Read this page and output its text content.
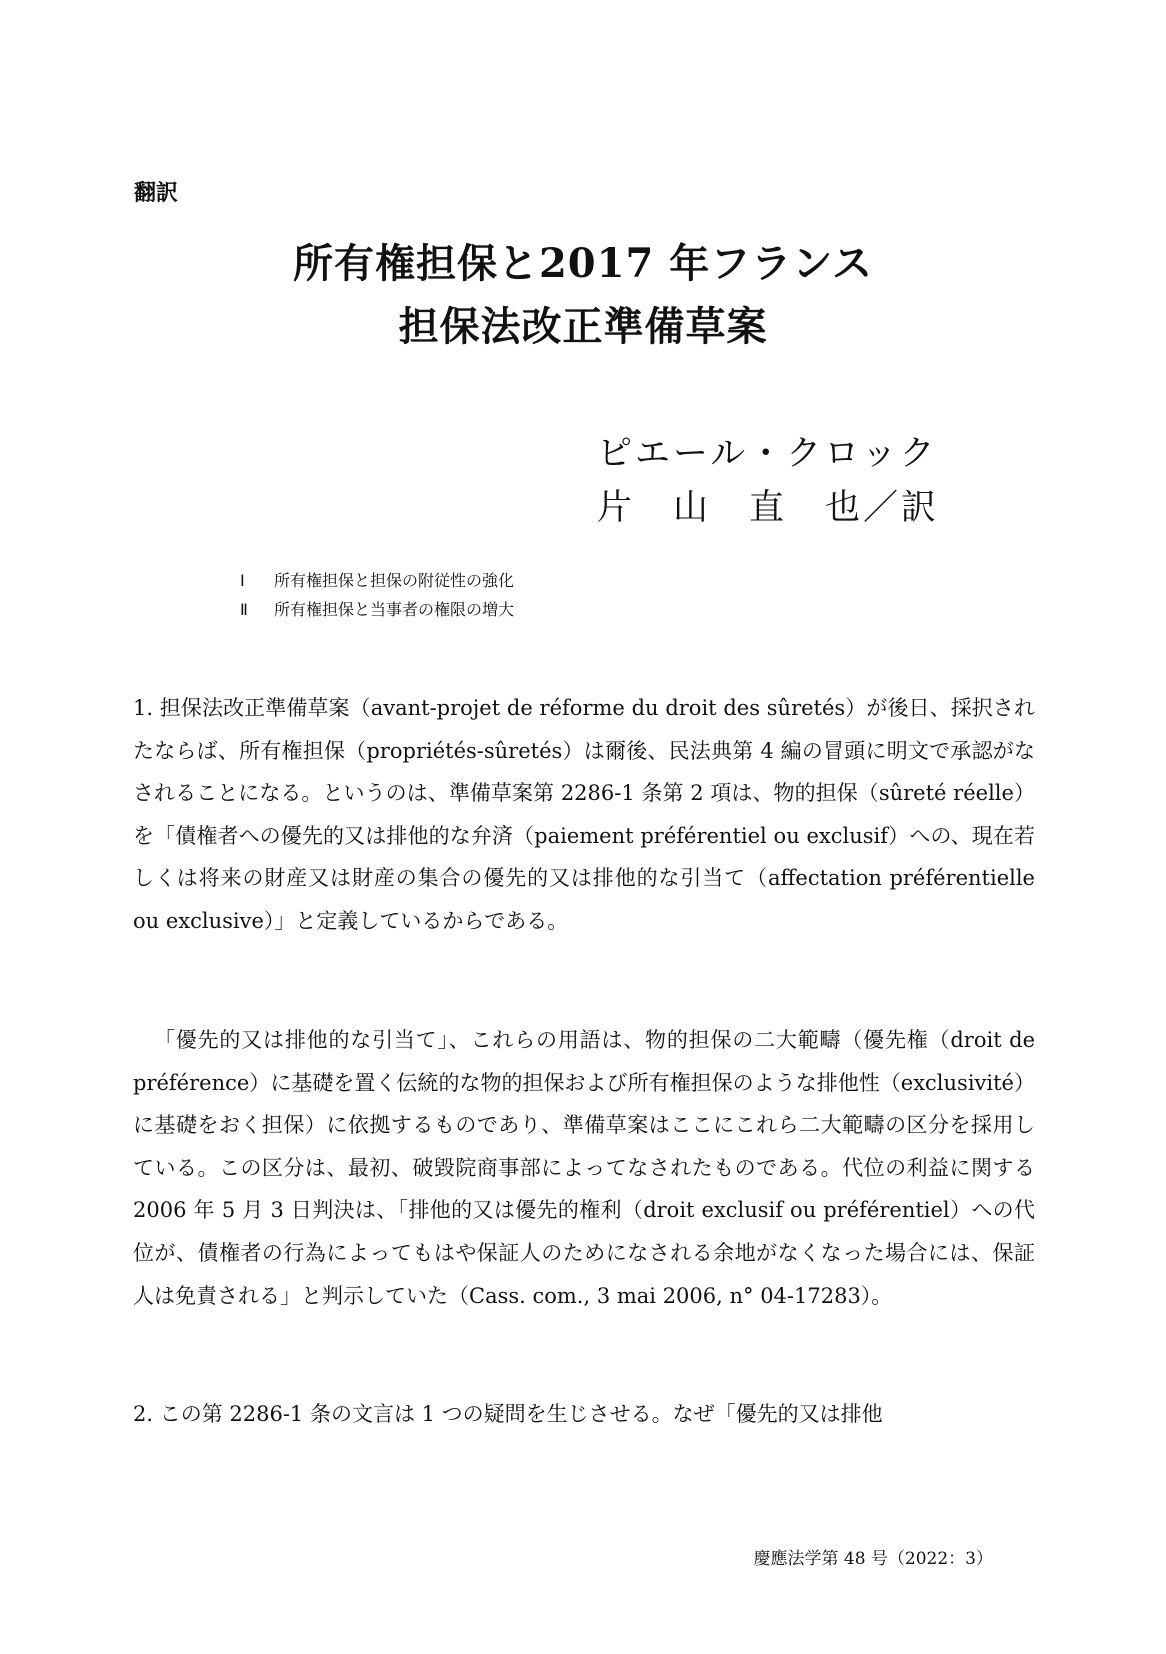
翻訳
所有権担保と2017 年フランス
担保法改正準備草案
ピエール・クロック
片　山　直　也／訳
Ⅰ 所有権担保と担保の附従性の強化
Ⅱ 所有権担保と当事者の権限の増大
1. 担保法改正準備草案（avant-projet de réforme du droit des sûretés）が後日、採択されたならば、所有権担保（propriétés-sûretés）は爾後、民法典第 4 編の冒頭に明文で承認がなされることになる。というのは、準備草案第 2286-1 条第 2 項は、物的担保（sûreté réelle）を「債権者への優先的又は排他的な弁済（paiement préférentiel ou exclusif）への、現在若しくは将来の財産又は財産の集合の優先的又は排他的な引当て（affectation préférentielle ou exclusive）」と定義しているからである。
「優先的又は排他的な引当て」、これらの用語は、物的担保の二大範疇（優先権（droit de préférence）に基礎を置く伝統的な物的担保および所有権担保のような排他性（exclusivité）に基礎をおく担保）に依拠するものであり、準備草案はここにこれら二大範疇の区分を採用している。この区分は、最初、破毀院商事部によってなされたものである。代位の利益に関する 2006 年 5 月 3 日判決は、「排他的又は優先的権利（droit exclusif ou préférentiel）への代位が、債権者の行為によってもはや保証人のためになされる余地がなくなった場合には、保証人は免責される」と判示していた（Cass. com., 3 mai 2006, n° 04-17283）。
2. この第 2286-1 条の文言は 1 つの疑問を生じさせる。なぜ「優先的又は排他
慶應法学第 48 号（2022：3）
